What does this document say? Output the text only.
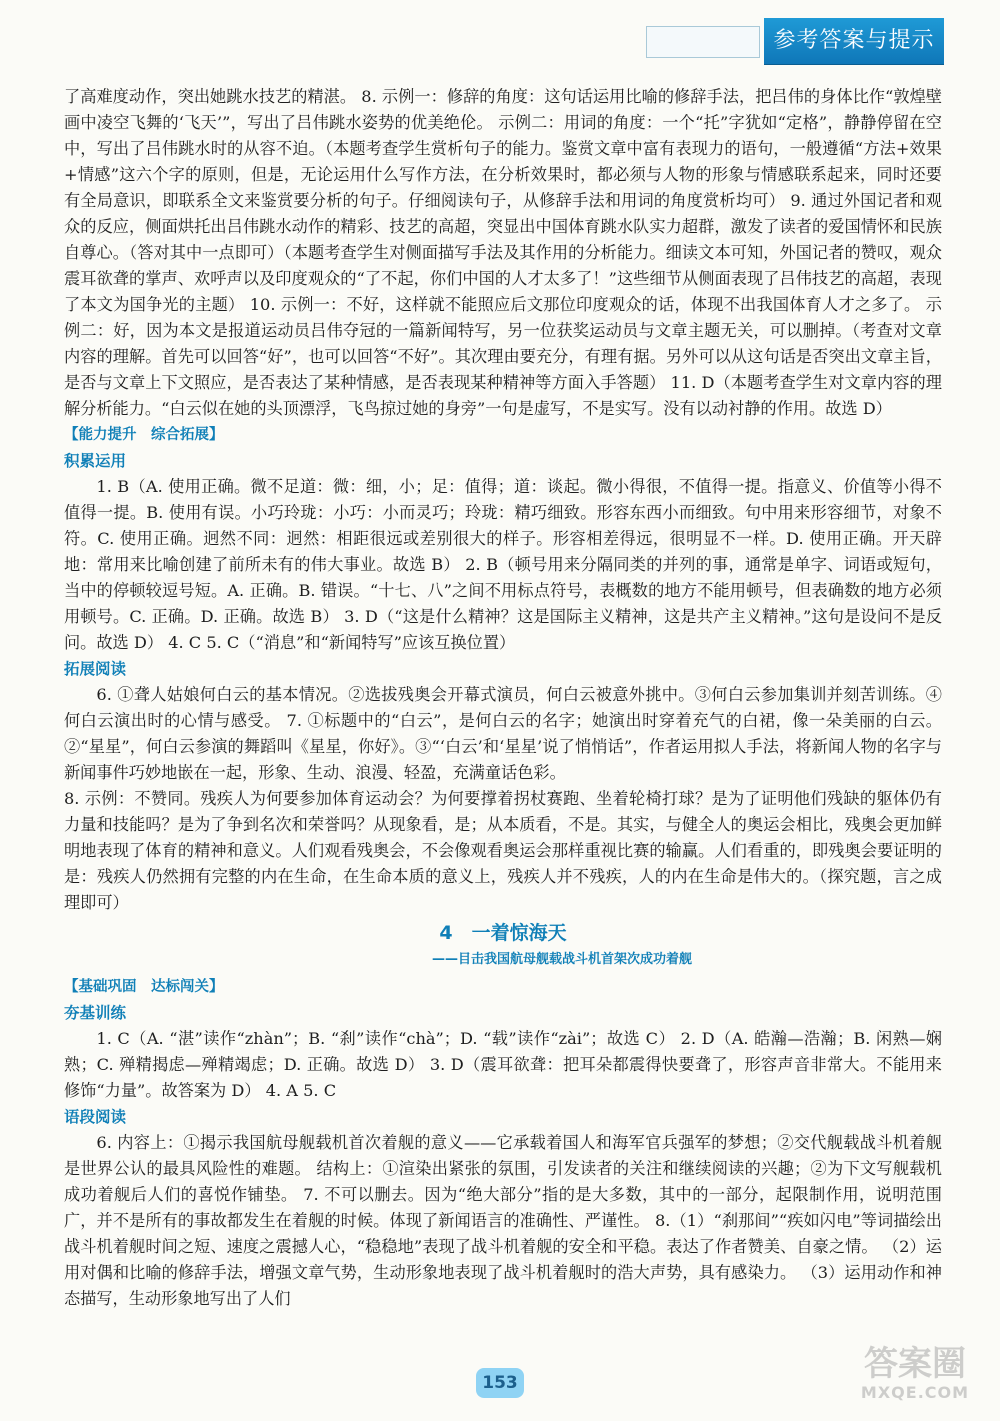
参考答案与提示

了高难度动作，突出她跳水技艺的精湛。 8. 示例一：修辞的角度：这句话运用比喻的修辞手法，把吕伟的身体比作“敦煌壁画中凌空飞舞的‘飞天’”，写出了吕伟跳水姿势的优美绝伦。 示例二：用词的角度：一个“托”字犹如“定格”，静静停留在空中，写出了吕伟跳水时的从容不迫。（本题考查学生赏析句子的能力。鉴赏文章中富有表现力的语句，一般遵循“方法+效果+情感”这六个字的原则，但是，无论运用什么写作方法，在分析效果时，都必须与人物的形象与情感联系起来，同时还要有全局意识，即联系全文来鉴赏要分析的句子。仔细阅读句子，从修辞手法和用词的角度赏析均可） 9. 通过外国记者和观众的反应，侧面烘托出吕伟跳水动作的精彩、技艺的高超，突显出中国体育跳水队实力超群，激发了读者的爱国情怀和民族自尊心。（答对其中一点即可）（本题考查学生对侧面描写手法及其作用的分析能力。细读文本可知，外国记者的赞叹，观众震耳欲聋的掌声、欢呼声以及印度观众的“了不起，你们中国的人才太多了！”这些细节从侧面表现了吕伟技艺的高超，表现了本文为国争光的主题） 10. 示例一：不好，这样就不能照应后文那位印度观众的话，体现不出我国体育人才之多了。 示例二：好，因为本文是报道运动员吕伟夺冠的一篇新闻特写，另一位获奖运动员与文章主题无关，可以删掉。（考查对文章内容的理解。首先可以回答“好”，也可以回答“不好”。其次理由要充分，有理有据。另外可以从这句话是否突出文章主旨，是否与文章上下文照应，是否表达了某种情感，是否表现某种精神等方面入手答题） 11. D（本题考查学生对文章内容的理解分析能力。“白云似在她的头顶漂浮，飞鸟掠过她的身旁”一句是虚写，不是实写。没有以动衬静的作用。故选 D）

【能力提升　综合拓展】

积累运用

1. B（A. 使用正确。微不足道：微：细，小；足：值得；道：谈起。微小得很，不值得一提。指意义、价值等小得不值得一提。B. 使用有误。小巧玲珑：小巧：小而灵巧；玲珑：精巧细致。形容东西小而细致。句中用来形容细节，对象不符。C. 使用正确。迥然不同：迥然：相距很远或差别很大的样子。形容相差得远，很明显不一样。D. 使用正确。开天辟地：常用来比喻创建了前所未有的伟大事业。故选 B） 2. B（顿号用来分隔同类的并列的事，通常是单字、词语或短句，当中的停顿较逗号短。A. 正确。B. 错误。“十七、八”之间不用标点符号，表概数的地方不能用顿号，但表确数的地方必须用顿号。C. 正确。D. 正确。故选 B） 3. D（“这是什么精神？这是国际主义精神，这是共产主义精神。”这句是设问不是反问。故选 D） 4. C 5. C（“消息”和“新闻特写”应该互换位置）

拓展阅读

6. ①聋人姑娘何白云的基本情况。②选拔残奥会开幕式演员，何白云被意外挑中。③何白云参加集训并刻苦训练。④何白云演出时的心情与感受。 7. ①标题中的“白云”，是何白云的名字；她演出时穿着充气的白裙，像一朵美丽的白云。②“星星”，何白云参演的舞蹈叫《星星，你好》。③“‘白云’和‘星星’说了悄悄话”，作者运用拟人手法，将新闻人物的名字与新闻事件巧妙地嵌在一起，形象、生动、浪漫、轻盈，充满童话色彩。

8. 示例：不赞同。残疾人为何要参加体育运动会？为何要撑着拐杖赛跑、坐着轮椅打球？是为了证明他们残缺的躯体仍有力量和技能吗？是为了争到名次和荣誉吗？从现象看，是；从本质看，不是。其实，与健全人的奥运会相比，残奥会更加鲜明地表现了体育的精神和意义。人们观看残奥会，不会像观看奥运会那样重视比赛的输赢。人们看重的，即残奥会要证明的是：残疾人仍然拥有完整的内在生命，在生命本质的意义上，残疾人并不残疾，人的内在生命是伟大的。（探究题，言之成理即可）

4　一着惊海天

——目击我国航母舰载战斗机首架次成功着舰

【基础巩固　达标闯关】

夯基训练

1. C（A. “湛”读作“zhàn”；B. “刹”读作“chà”；D. “载”读作“zài”；故选 C） 2. D（A. 皓瀚—浩瀚；B. 闲熟—娴熟；C. 殚精揭虑—殚精竭虑；D. 正确。故选 D） 3. D（震耳欲聋：把耳朵都震得快要聋了，形容声音非常大。不能用来修饰“力量”。故答案为 D） 4. A 5. C

语段阅读

6. 内容上：①揭示我国航母舰载机首次着舰的意义——它承载着国人和海军官兵强军的梦想；②交代舰载战斗机着舰是世界公认的最具风险性的难题。 结构上：①渲染出紧张的氛围，引发读者的关注和继续阅读的兴趣；②为下文写舰载机成功着舰后人们的喜悦作铺垫。 7. 不可以删去。因为“绝大部分”指的是大多数，其中的一部分，起限制作用，说明范围广，并不是所有的事故都发生在着舰的时候。体现了新闻语言的准确性、严谨性。 8.（1）“刹那间”“疾如闪电”等词描绘出战斗机着舰时间之短、速度之震撼人心，“稳稳地”表现了战斗机着舰的安全和平稳。表达了作者赞美、自豪之情。 （2）运用对偶和比喻的修辞手法，增强文章气势，生动形象地表现了战斗机着舰时的浩大声势，具有感染力。 （3）运用动作和神态描写，生动形象地写出了人们

153	答案圈
MXQE.COM
